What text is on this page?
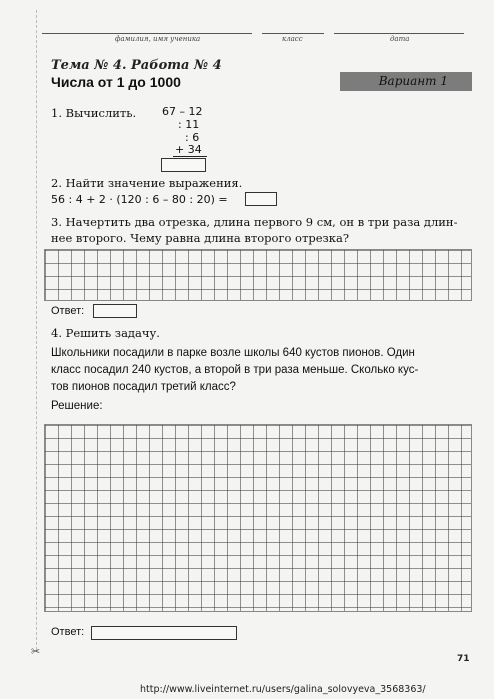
фамилия, имя ученика	класс	дата
Тема № 4. Работа № 4
Числа от 1 до 1000	Вариант 1
1. Вычислить. 67 – 12
: 11
: 6
+ 34
2. Найти значение выражения.
56 : 4 + 2 · (120 : 6 – 80 : 20) =
3. Начертить два отрезка, длина первого 9 см, он в три раза длин-
нее второго. Чему равна длина второго отрезка?
Ответ:
4. Решить задачу.
Школьники посадили в парке возле школы 640 кустов пионов. Один
класс посадил 240 кустов, а второй в три раза меньше. Сколько кус-
тов пионов посадил третий класс?
Решение:
Ответ:
71
✂
http://www.liveinternet.ru/users/galina_solovyeva_3568363/
